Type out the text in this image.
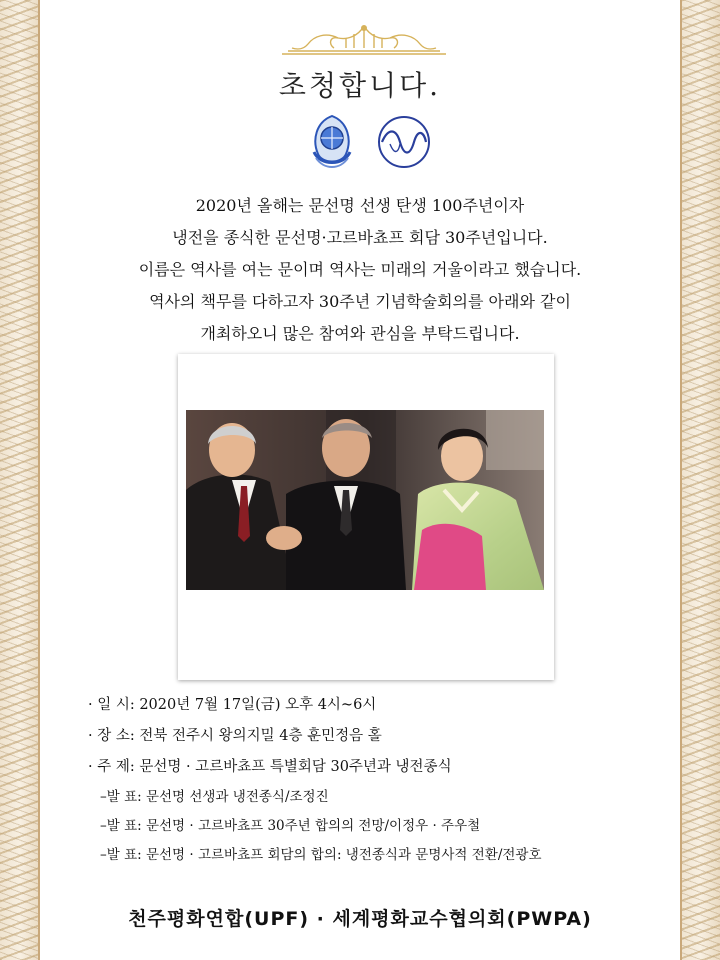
초청합니다.
2020년 올해는 문선명 선생 탄생 100주년이자
냉전을 종식한 문선명·고르바쵸프 회담 30주년입니다.
이름은 역사를 여는 문이며 역사는 미래의 거울이라고 했습니다.
역사의 책무를 다하고자 30주년 기념학술회의를 아래와 같이
개최하오니 많은 참여와 관심을 부탁드립니다.
· 일 시: 2020년 7월 17일(금) 오후 4시~6시
· 장 소: 전북 전주시 왕의지밀 4층 훈민정음 홀
· 주 제: 문선명 · 고르바쵸프 특별회담 30주년과 냉전종식
–발 표: 문선명 선생과 냉전종식/조정진
–발 표: 문선명 · 고르바쵸프 30주년 합의의 전망/이정우 · 주우철
–발 표: 문선명 · 고르바쵸프 회담의 합의: 냉전종식과 문명사적 전환/전광호
천주평화연합(UPF) · 세계평화교수협의회(PWPA)
